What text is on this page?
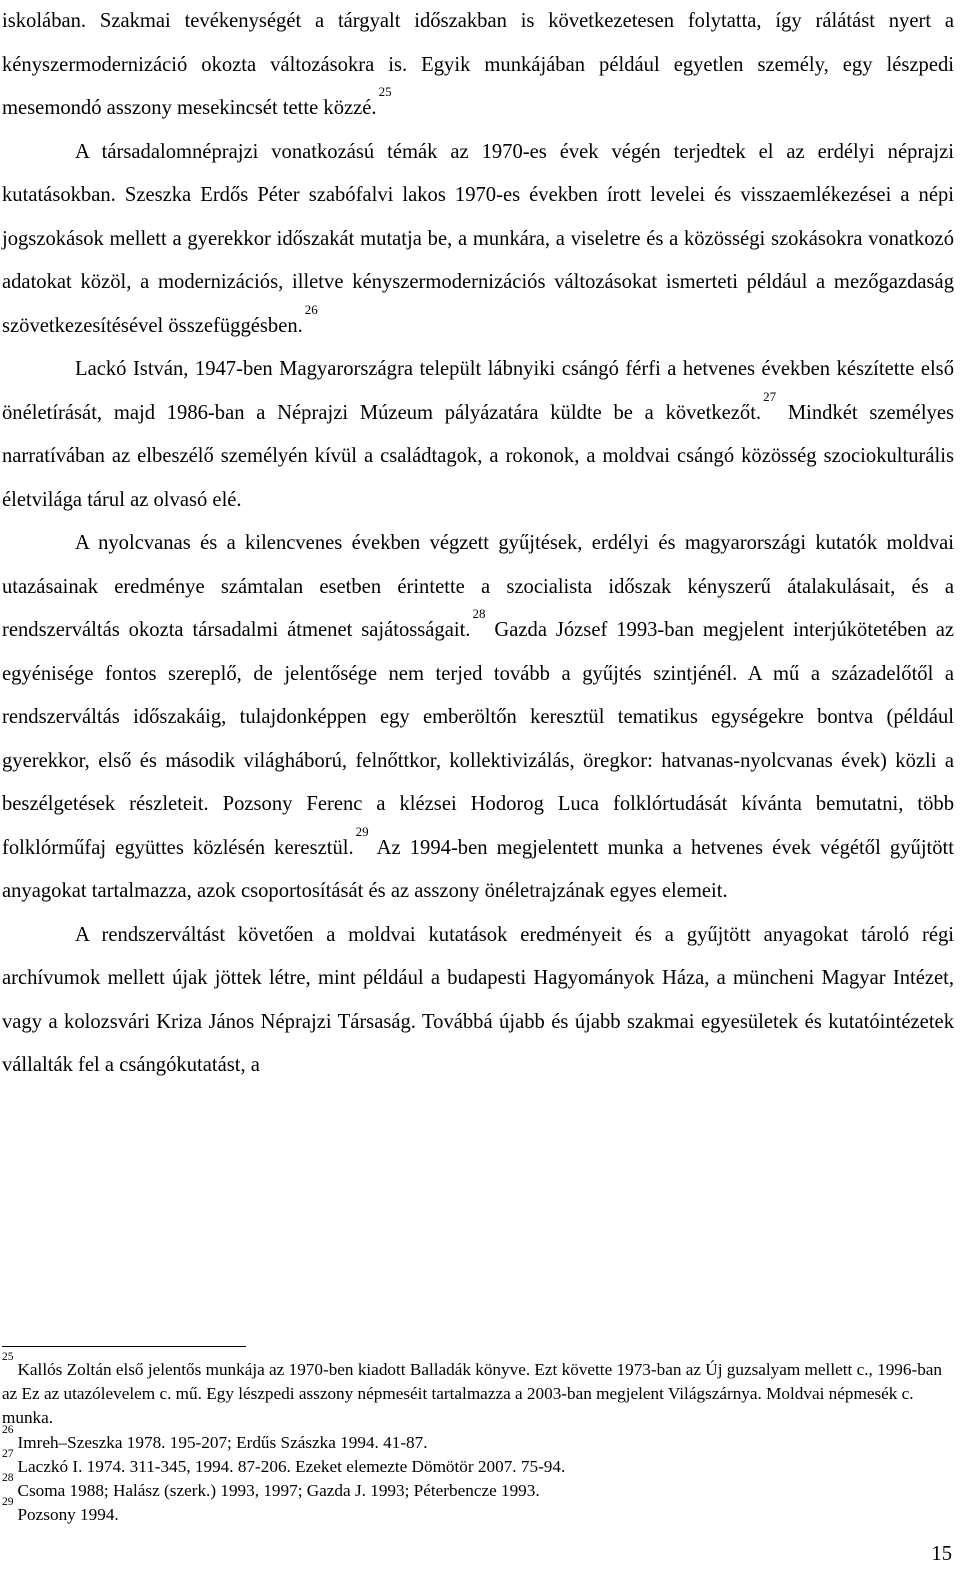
iskolában. Szakmai tevékenységét a tárgyalt időszakban is következetesen folytatta, így rálátást nyert a kényszermodernizáció okozta változásokra is. Egyik munkájában például egyetlen személy, egy lészpedi mesemondó asszony mesekincsét tette közzé.$^{25}$

A társadalomnéprajzi vonatkozású témák az 1970-es évek végén terjedtek el az erdélyi néprajzi kutatásokban. Szeszka Erdős Péter szabófalvi lakos 1970-es években írott levelei és visszaemlékezései a népi jogszokások mellett a gyerekkor időszakát mutatja be, a munkára, a viseletre és a közösségi szokásokra vonatkozó adatokat közöl, a modernizációs, illetve kényszermodernizációs változásokat ismerteti például a mezőgazdaság szövetkezesítésével összefüggésben.$^{26}$

Lackó István, 1947-ben Magyarországra települt lábnyiki csángó férfi a hetvenes években készítette első önéletírását, majd 1986-ban a Néprajzi Múzeum pályázatára küldte be a következőt.$^{27}$ Mindkét személyes narratívában az elbeszélő személyén kívül a családtagok, a rokonok, a moldvai csángó közösség szociokulturális életvilága tárul az olvasó elé.

A nyolcvanas és a kilencvenes években végzett gyűjtések, erdélyi és magyarországi kutatók moldvai utazásainak eredménye számtalan esetben érintette a szocialista időszak kényszerű átalakulásait, és a rendszerváltás okozta társadalmi átmenet sajátosságait.$^{28}$ Gazda József 1993-ban megjelent interjúkötetében az egyénisége fontos szereplő, de jelentősége nem terjed tovább a gyűjtés szintjénél. A mű a századelőtől a rendszerváltás időszakáig, tulajdonképpen egy emberöltőn keresztül tematikus egységekre bontva (például gyerekkor, első és második világháború, felnőttkor, kollektivizálás, öregkor: hatvanas-nyolcvanas évek) közli a beszélgetések részleteit. Pozsony Ferenc a klézsei Hodorog Luca folklórtudását kívánta bemutatni, több folklórműfaj együttes közlésén keresztül.$^{29}$ Az 1994-ben megjelentett munka a hetvenes évek végétől gyűjtött anyagokat tartalmazza, azok csoportosítását és az asszony önéletrajzának egyes elemeit.

A rendszerváltást követően a moldvai kutatások eredményeit és a gyűjtött anyagokat tároló régi archívumok mellett újak jöttek létre, mint például a budapesti Hagyományok Háza, a müncheni Magyar Intézet, vagy a kolozsvári Kriza János Néprajzi Társaság. Továbbá újabb és újabb szakmai egyesületek és kutatóintézetek vállalták fel a csángókutatást, a

$^{25}$Kallós Zoltán első jelentős munkája az 1970-ben kiadott Balladák könyve. Ezt követte 1973-ban az Új guzsalyam mellett c., 1996-ban az Ez az utazólevelem c. mű. Egy lészpedi asszony népmeséit tartalmazza a 2003-ban megjelent Világszárnya. Moldvai népmesék c. munka.

$^{26}$Imreh–Szeszka 1978. 195-207; Erdűs Szászka 1994. 41-87.

$^{27}$Laczkó I. 1974. 311-345, 1994. 87-206. Ezeket elemezte Dömötör 2007. 75-94.

$^{28}$Csoma 1988; Halász (szerk.) 1993, 1997; Gazda J. 1993; Péterbencze 1993.

$^{29}$Pozsony 1994.

15
